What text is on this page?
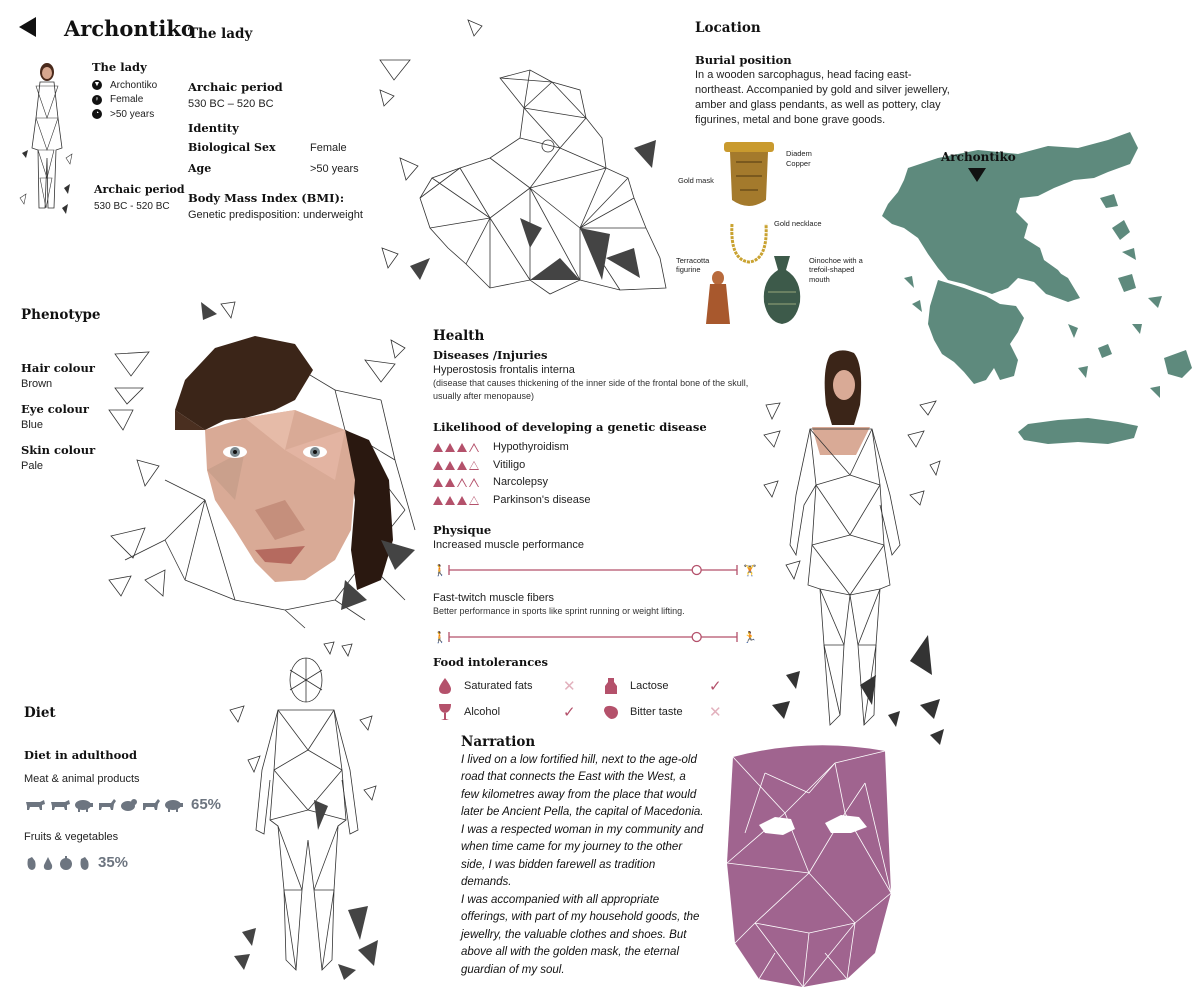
Archontiko
The lady
▼ Archontiko
♀ Female
◔ >50 years
Archaic period
530 BC - 520 BC
The lady
Archaic period
530 BC – 520 BC
Identity
Biological Sex	Female
Age	>50 years
Body Mass Index (BMI):
Genetic predisposition: underweight
Location
Burial position
In a wooden sarcophagus, head facing east-northeast. Accompanied by gold and silver jewellery, amber and glass pendants, as well as pottery, clay figurines, metal and bone grave goods.
Gold mask
Diadem
Copper
Gold necklace
Terracotta figurine
Oinochoe with a trefoil-shaped mouth
Archontiko
Phenotype
Hair colour
Brown
Eye colour
Blue
Skin colour
Pale
Health
Diseases /Injuries
Hyperostosis frontalis interna
(disease that causes thickening of the inner side of the frontal bone of the skull, usually after menopause)
Likelihood of developing a genetic disease
Hypothyroidism
Vitiligo
Narcolepsy
Parkinson's disease
Physique
Increased muscle performance
🚶	🏋
Fast-twitch muscle fibers
Better performance in sports like sprint running or weight lifting.
🚶	🏃
Food intolerances
Saturated fats ✕	Lactose	✓
Alcohol	✓	Bitter taste ✕
Diet
Diet in adulthood
Meat & animal products
65%
Fruits & vegetables
35%
Narration
I lived on a low fortified hill, next to the age-old
road that connects the East with the West, a
few kilometres away from the place that would
later be Ancient Pella, the capital of Macedonia.
I was a respected woman in my community and
when time came for my journey to the other
side, I was bidden farewell as tradition
demands.
I was accompanied with all appropriate
offerings, with part of my household goods, the
jewellry, the valuable clothes and shoes. But
above all with the golden mask, the eternal
guardian of my soul.
